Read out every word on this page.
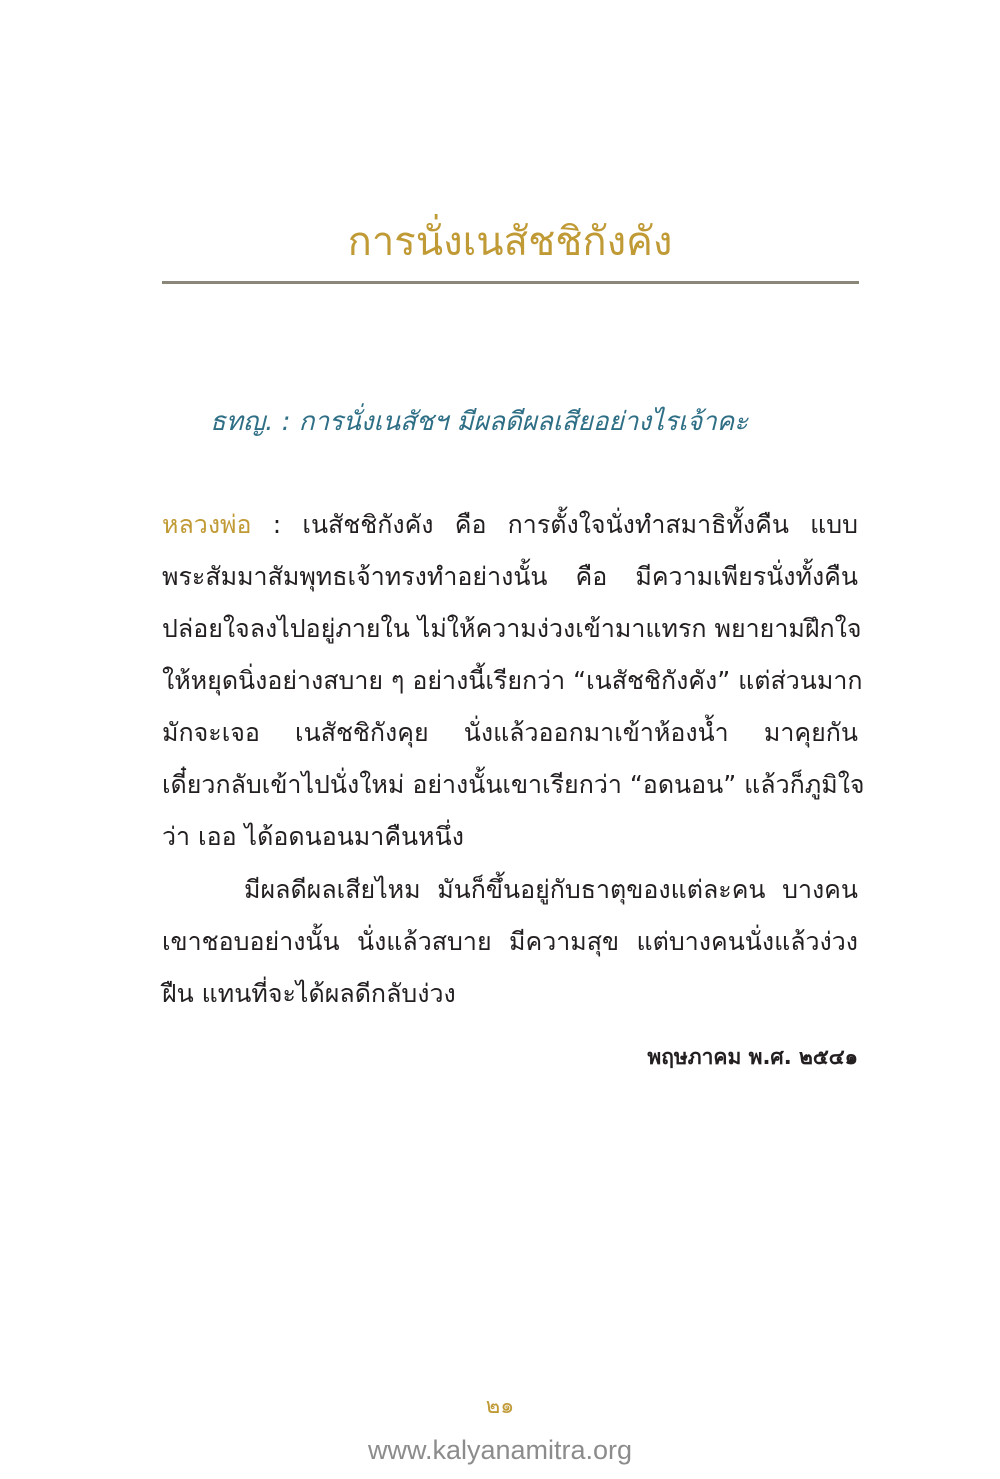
การนั่งเนสัชชิกังคัง
ธทญ. : การนั่งเนสัชฯ มีผลดีผลเสียอย่างไรเจ้าคะ
หลวงพ่อ : เนสัชชิกังคัง คือ การตั้งใจนั่งทำสมาธิทั้งคืน แบบ
พระสัมมาสัมพุทธเจ้าทรงทำอย่างนั้น คือ มีความเพียรนั่งทั้งคืน
ปล่อยใจลงไปอยู่ภายใน ไม่ให้ความง่วงเข้ามาแทรก พยายามฝึกใจ
ให้หยุดนิ่งอย่างสบาย ๆ อย่างนี้เรียกว่า “เนสัชชิกังคัง” แต่ส่วนมาก
มักจะเจอ เนสัชชิกังคุย นั่งแล้วออกมาเข้าห้องน้ำ มาคุยกัน
เดี๋ยวกลับเข้าไปนั่งใหม่ อย่างนั้นเขาเรียกว่า “อดนอน” แล้วก็ภูมิใจ
ว่า เออ ได้อดนอนมาคืนหนึ่ง
มีผลดีผลเสียไหม มันก็ขึ้นอยู่กับธาตุของแต่ละคน บางคน
เขาชอบอย่างนั้น นั่งแล้วสบาย มีความสุข แต่บางคนนั่งแล้วง่วง
ฝืน แทนที่จะได้ผลดีกลับง่วง
พฤษภาคม พ.ศ. ๒๕๔๑
๒๑
www.kalyanamitra.org
